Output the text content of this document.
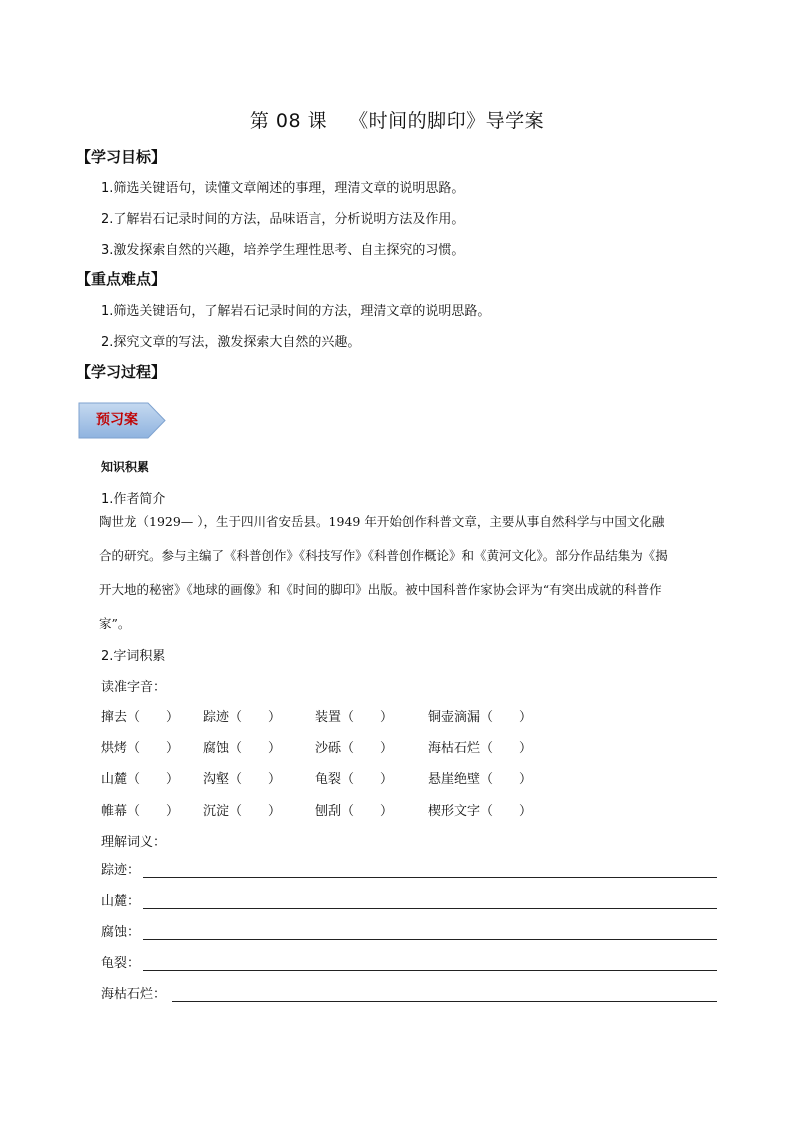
第 08 课 《时间的脚印》导学案
【学习目标】
1.筛选关键语句，读懂文章阐述的事理，理清文章的说明思路。
2.了解岩石记录时间的方法，品味语言，分析说明方法及作用。
3.激发探索自然的兴趣，培养学生理性思考、自主探究的习惯。
【重点难点】
1.筛选关键语句，了解岩石记录时间的方法，理清文章的说明思路。
2.探究文章的写法，激发探索大自然的兴趣。
【学习过程】
预习案
知识积累
1.作者简介
陶世龙（1929— ），生于四川省安岳县。1949 年开始创作科普文章，主要从事自然科学与中国文化融
合的研究。参与主编了《科普创作》《科技写作》《科普创作概论》和《黄河文化》。部分作品结集为《揭
开大地的秘密》《地球的画像》和《时间的脚印》出版。被中国科普作家协会评为“有突出成就的科普作
家”。
2.字词积累
读准字音：
撺去（　　） 踪迹（　　）	装置（　　）	铜壶滴漏（　　）
烘烤（　　） 腐蚀（　　）	沙砾（　　）	海枯石烂（　　）
山麓（　　） 沟壑（　　）	龟裂（　　）	悬崖绝壁（　　）
帷幕（　　） 沉淀（　　）	刨刮（　　）	楔形文字（　　）
理解词义：
踪迹：
山麓：
腐蚀：
龟裂：
海枯石烂：
